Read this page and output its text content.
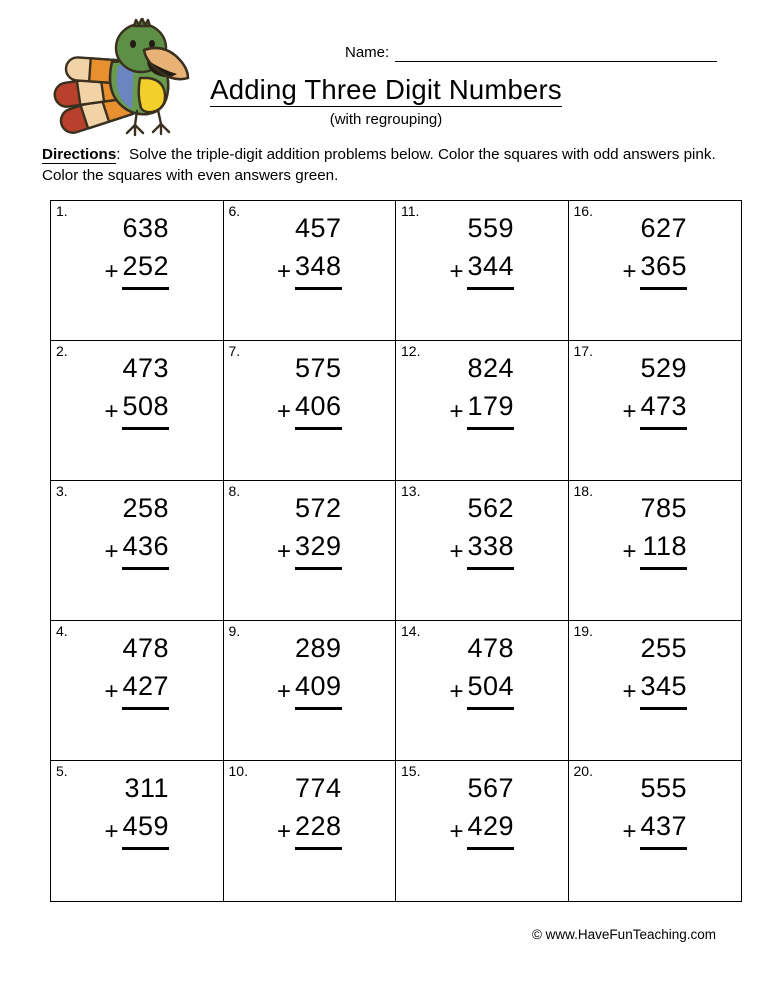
Name:
Adding Three Digit Numbers
(with regrouping)
Directions: Solve the triple-digit addition problems below. Color the squares with odd answers pink. Color the squares with even answers green.
1.
+
638
252
6.
+
457
348
11.
+
559
344
16.
+
627
365
2.
+
473
508
7.
+
575
406
12.
+
824
179
17.
+
529
473
3.
+
258
436
8.
+
572
329
13.
+
562
338
18.
+
785
118
4.
+
478
427
9.
+
289
409
14.
+
478
504
19.
+
255
345
5.
+
311
459
10.
+
774
228
15.
+
567
429
20.
+
555
437
© www.HaveFunTeaching.com
